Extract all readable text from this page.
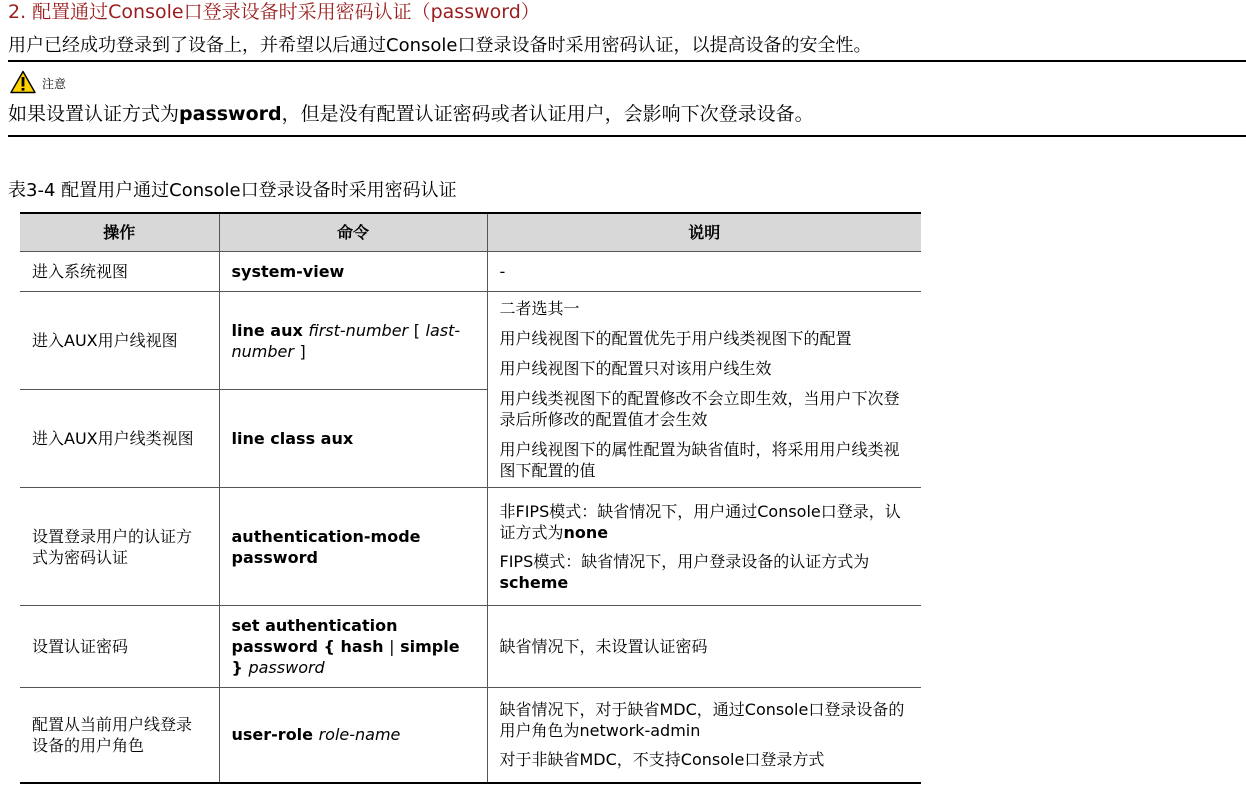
2. 配置通过Console口登录设备时采用密码认证（password）

用户已经成功登录到了设备上，并希望以后通过Console口登录设备时采用密码认证，以提高设备的安全性。

注意

如果设置认证方式为password，但是没有配置认证密码或者认证用户，会影响下次登录设备。

表3-4 配置用户通过Console口登录设备时采用密码认证

操作	命令	说明
进入系统视图	system-view	-
进入AUX用户线视图	line aux first-number [ last-number ]	二者选其一

用户线视图下的配置优先于用户线类视图下的配置

用户线视图下的配置只对该用户线生效

用户线类视图下的配置修改不会立即生效，当用户下次登录后所修改的配置值才会生效

用户线视图下的属性配置为缺省值时，将采用用户线类视图下配置的值

进入AUX用户线类视图	line class aux	
设置登录用户的认证方式为密码认证	authentication-mode password	非FIPS模式：缺省情况下，用户通过Console口登录，认证方式为none

FIPS模式：缺省情况下，用户登录设备的认证方式为scheme

设置认证密码	set authentication password { hash | simple } password	缺省情况下，未设置认证密码
配置从当前用户线登录设备的用户角色	user-role role-name	缺省情况下，对于缺省MDC，通过Console口登录设备的用户角色为network-admin

对于非缺省MDC，不支持Console口登录方式
